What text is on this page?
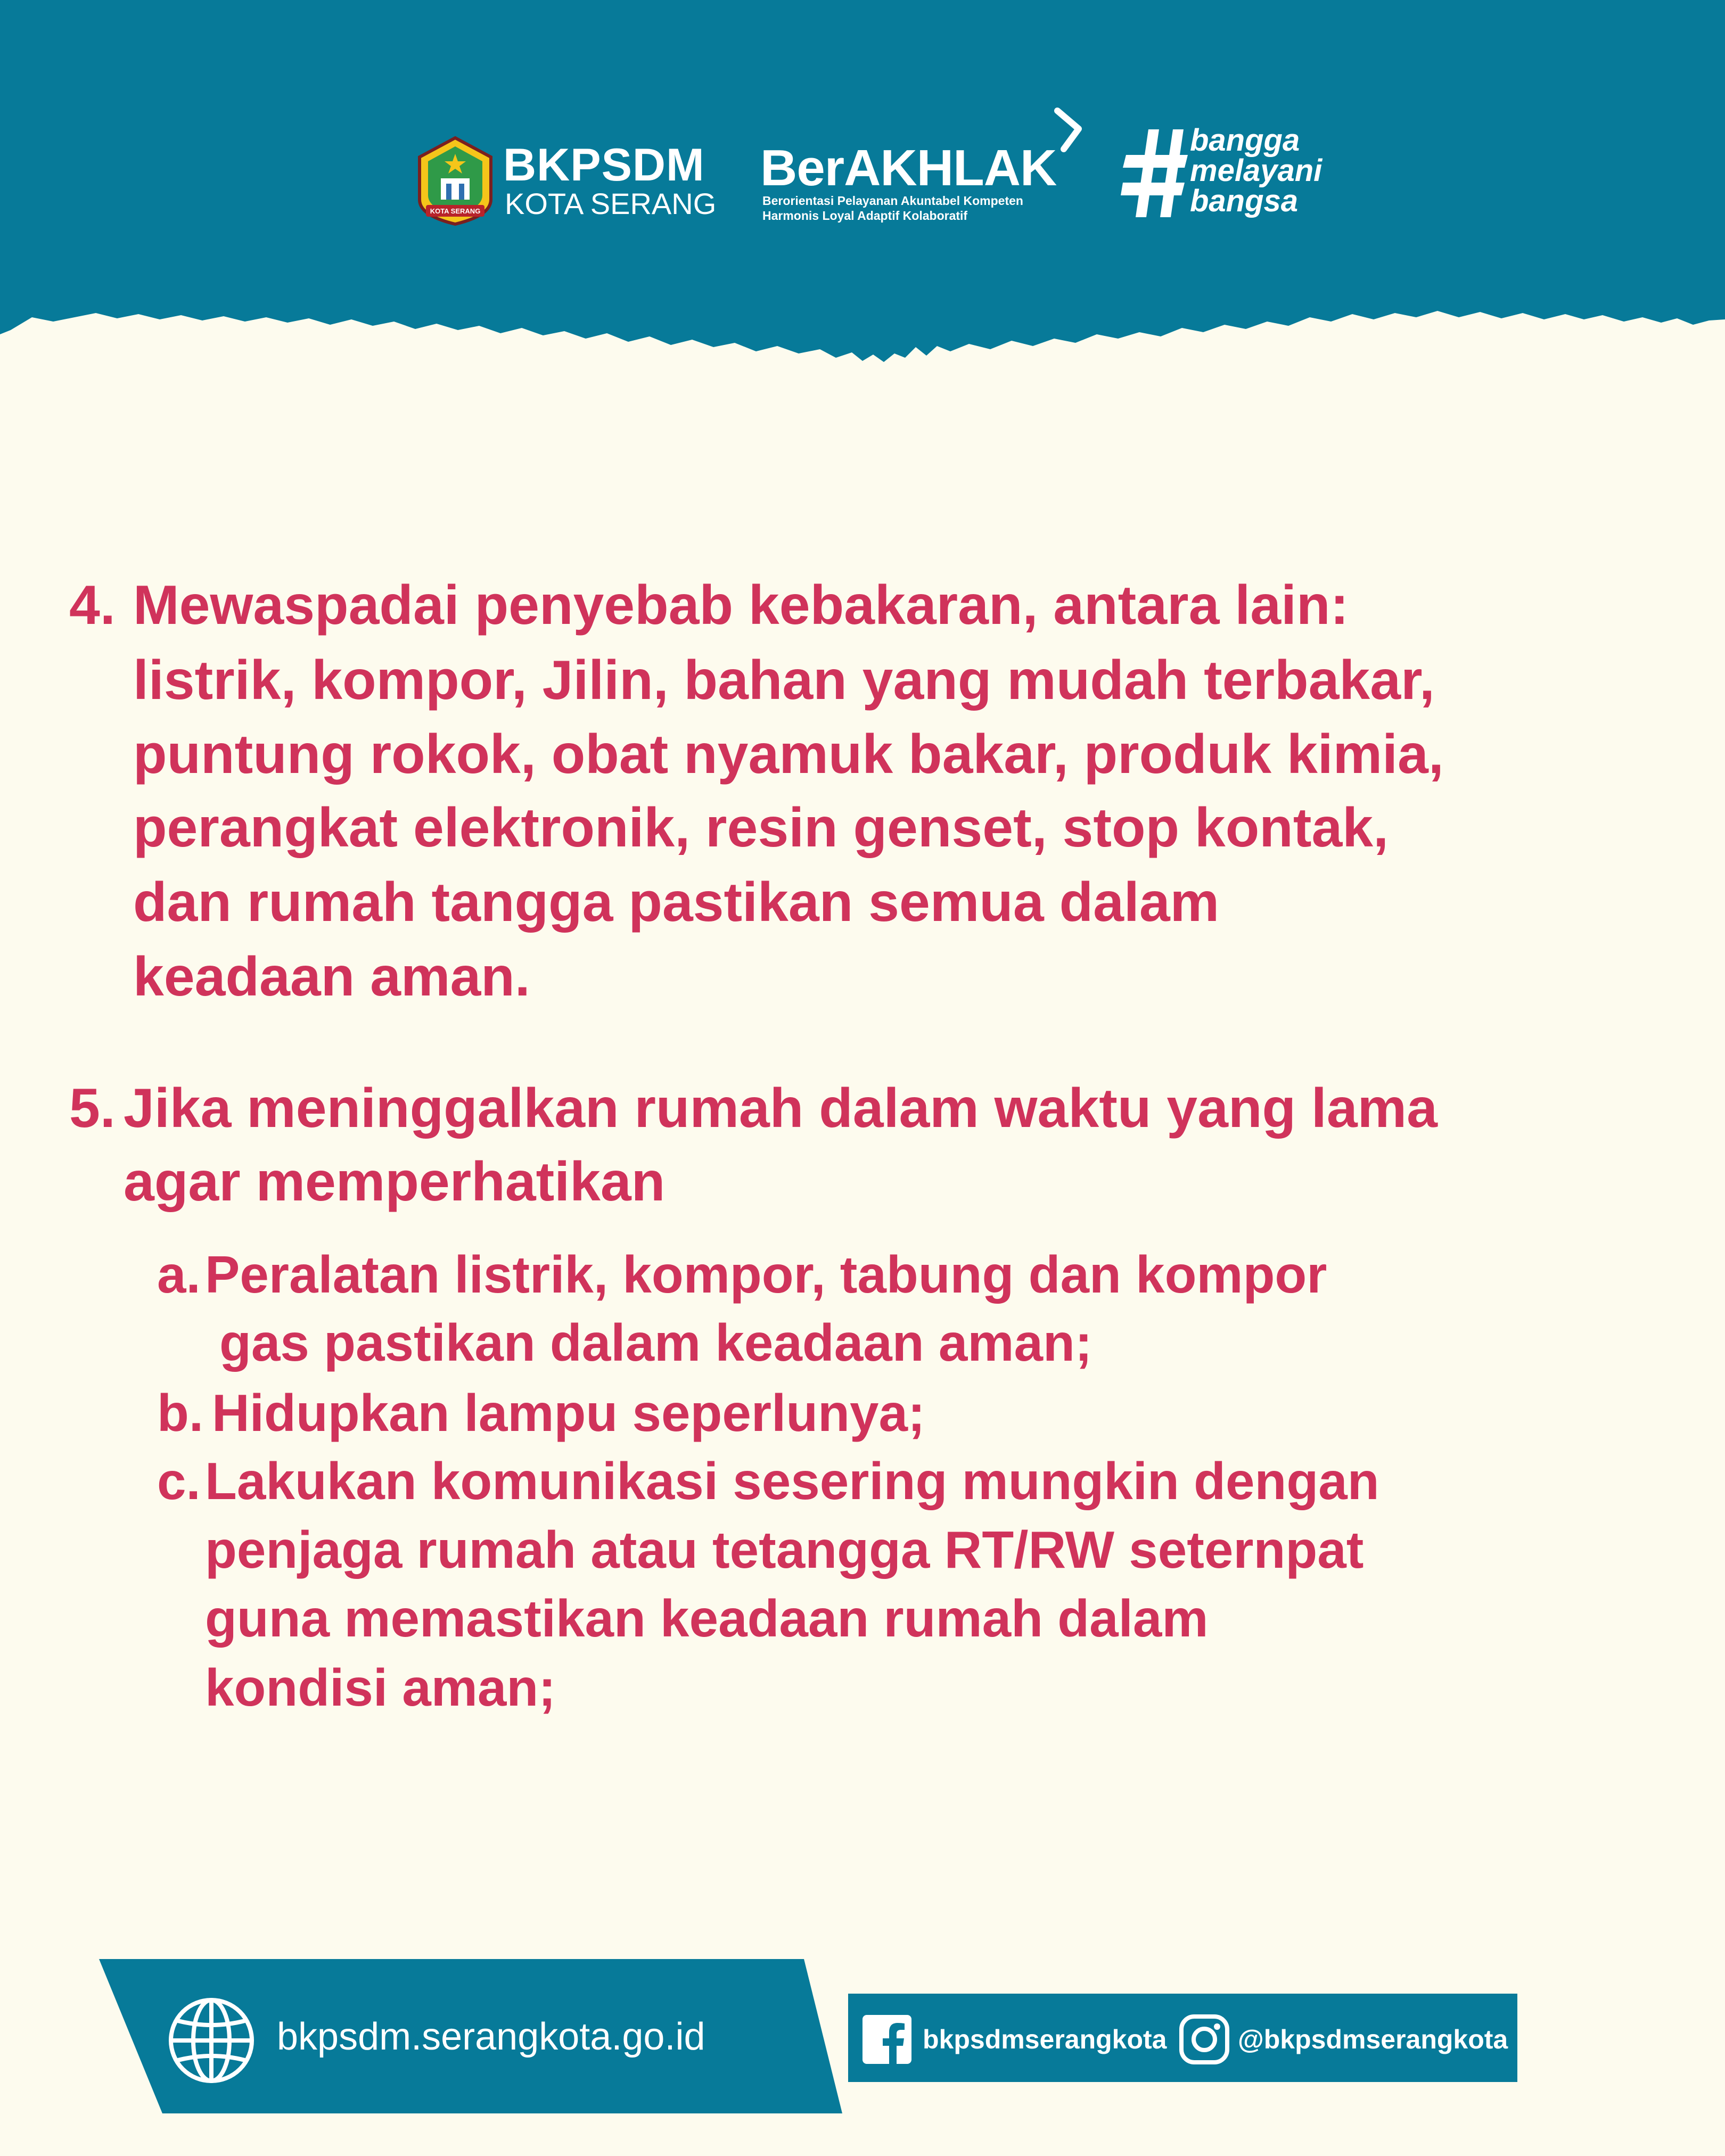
KOTA SERANG
BKPSDM
KOTA SERANG
BerAKHLAK
Berorientasi Pelayanan Akuntabel Kompeten
Harmonis Loyal Adaptif Kolaboratif
bangga
melayani
bangsa
4. Mewaspadai penyebab kebakaran, antara lain:
listrik, kompor, Jilin, bahan yang mudah terbakar,
puntung rokok, obat nyamuk bakar, produk kimia,
perangkat elektronik, resin genset, stop kontak,
dan rumah tangga pastikan semua dalam
keadaan aman.
5. Jika meninggalkan rumah dalam waktu yang lama
agar memperhatikan
a. Peralatan listrik, kompor, tabung dan kompor
gas pastikan dalam keadaan aman;
b. Hidupkan lampu seperlunya;
c. Lakukan komunikasi sesering mungkin dengan
penjaga rumah atau tetangga RT/RW seternpat
guna memastikan keadaan rumah dalam
kondisi aman;
bkpsdm.serangkota.go.id	bkpsdmserangkota	@bkpsdmserangkota
